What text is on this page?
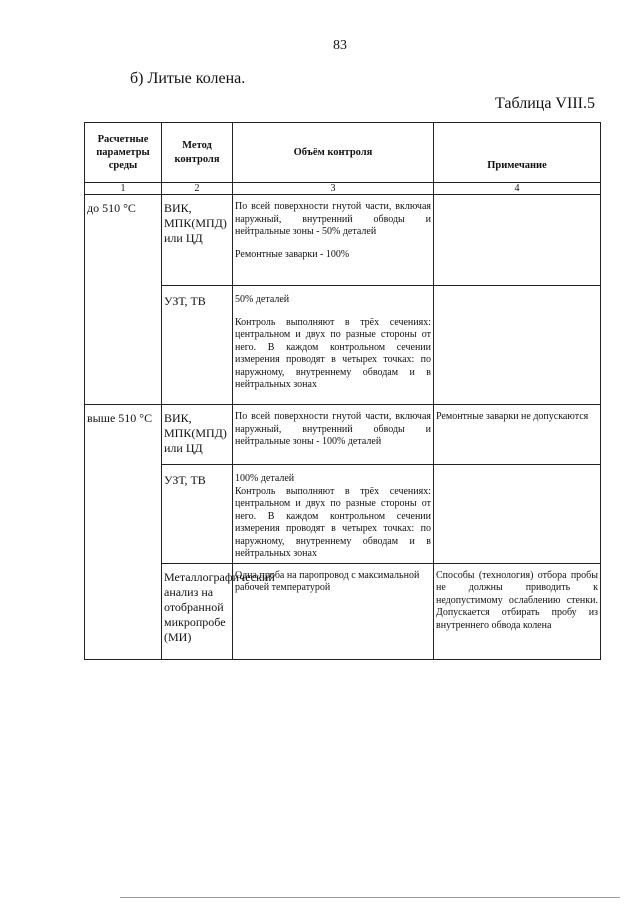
83
б) Литые колена.
Таблица VIII.5
Расчетные параметры среды	Метод контроля	Объём контроля	Примечание
1	2	3	4
до 510 °C	ВИК, МПК(МПД) или ЦД	По всей поверхности гнутой части, включая наружный, внутренний обводы и нейтральные зоны - 50% деталей

Ремонтные заварки - 100%	

	УЗТ, ТВ	50% деталей

Контроль выполняют в трёх сечениях: центральном и двух по разные стороны от него. В каждом контрольном сечении измерения проводят в четырех точках: по наружному, внутреннему обводам и в нейтральных зонах	

выше 510 °C	ВИК, МПК(МПД) или ЦД	По всей поверхности гнутой части, включая наружный, внутренний обводы и нейтральные зоны - 100% деталей	Ремонтные заварки не допускаются
	УЗТ, ТВ	100% деталей

Контроль выполняют в трёх сечениях: центральном и двух по разные стороны от него. В каждом контрольном сечении измерения проводят в четырех точках: по наружному, внутреннему обводам и в нейтральных зонах	

	Металлографический анализ на отобранной микропробе (МИ)	Одна проба на паропровод с максимальной рабочей температурой	Способы (технология) отбора пробы не должны приводить к недопустимому ослаблению стенки. Допускается отбирать пробу из внутреннего обвода колена
